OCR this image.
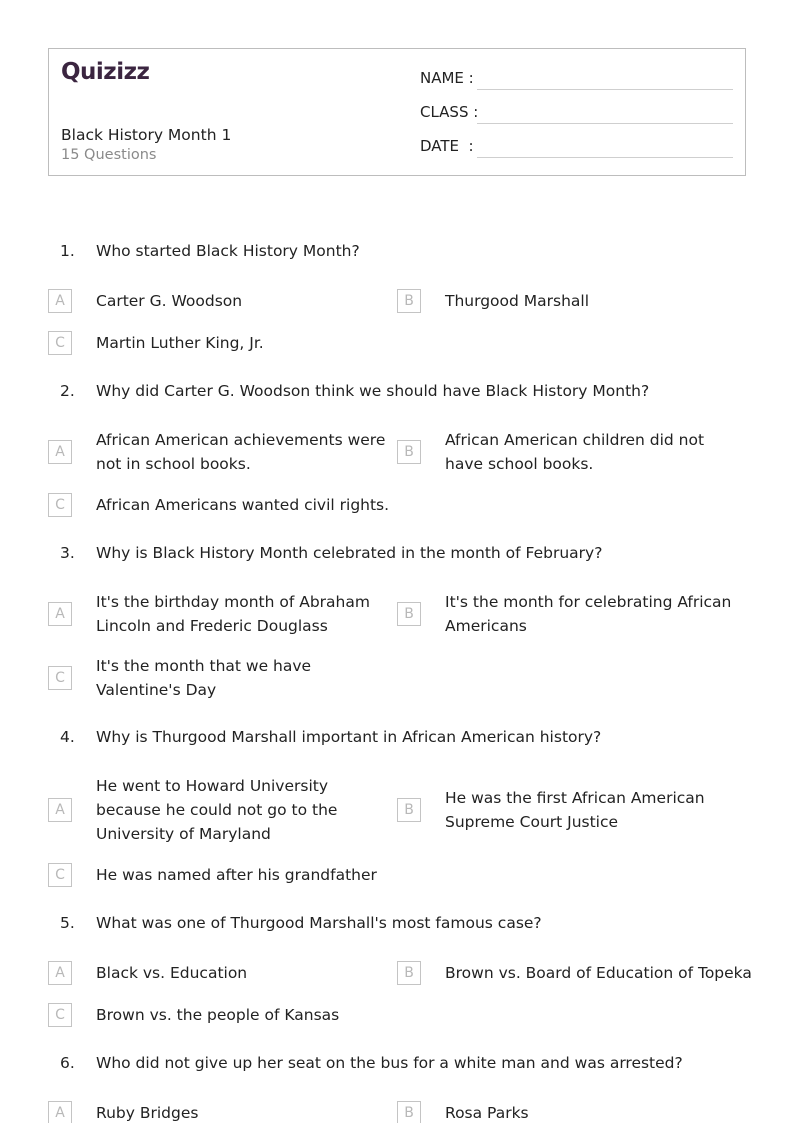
Quizizz
Black History Month 1
15 Questions
NAME :
CLASS :
DATE  :
1. Who started Black History Month?
A	Carter G. Woodson	B	Thurgood Marshall
C	Martin Luther King, Jr.
2. Why did Carter G. Woodson think we should have Black History Month?
A
African American achievements were not in school books.
B
African American children did not have school books.
C	African Americans wanted civil rights.
3. Why is Black History Month celebrated in the month of February?
A
It's the birthday month of Abraham Lincoln and Frederic Douglass
B
It's the month for celebrating African Americans
C
It's the month that we have Valentine's Day
4. Why is Thurgood Marshall important in African American history?
A
He went to Howard University because he could not go to the University of Maryland
B
He was the first African American Supreme Court Justice
C	He was named after his grandfather
5. What was one of Thurgood Marshall's most famous case?
A	Black vs. Education	B	Brown vs. Board of Education of Topeka
C	Brown vs. the people of Kansas
6. Who did not give up her seat on the bus for a white man and was arrested?
A	Ruby Bridges	B	Rosa Parks
